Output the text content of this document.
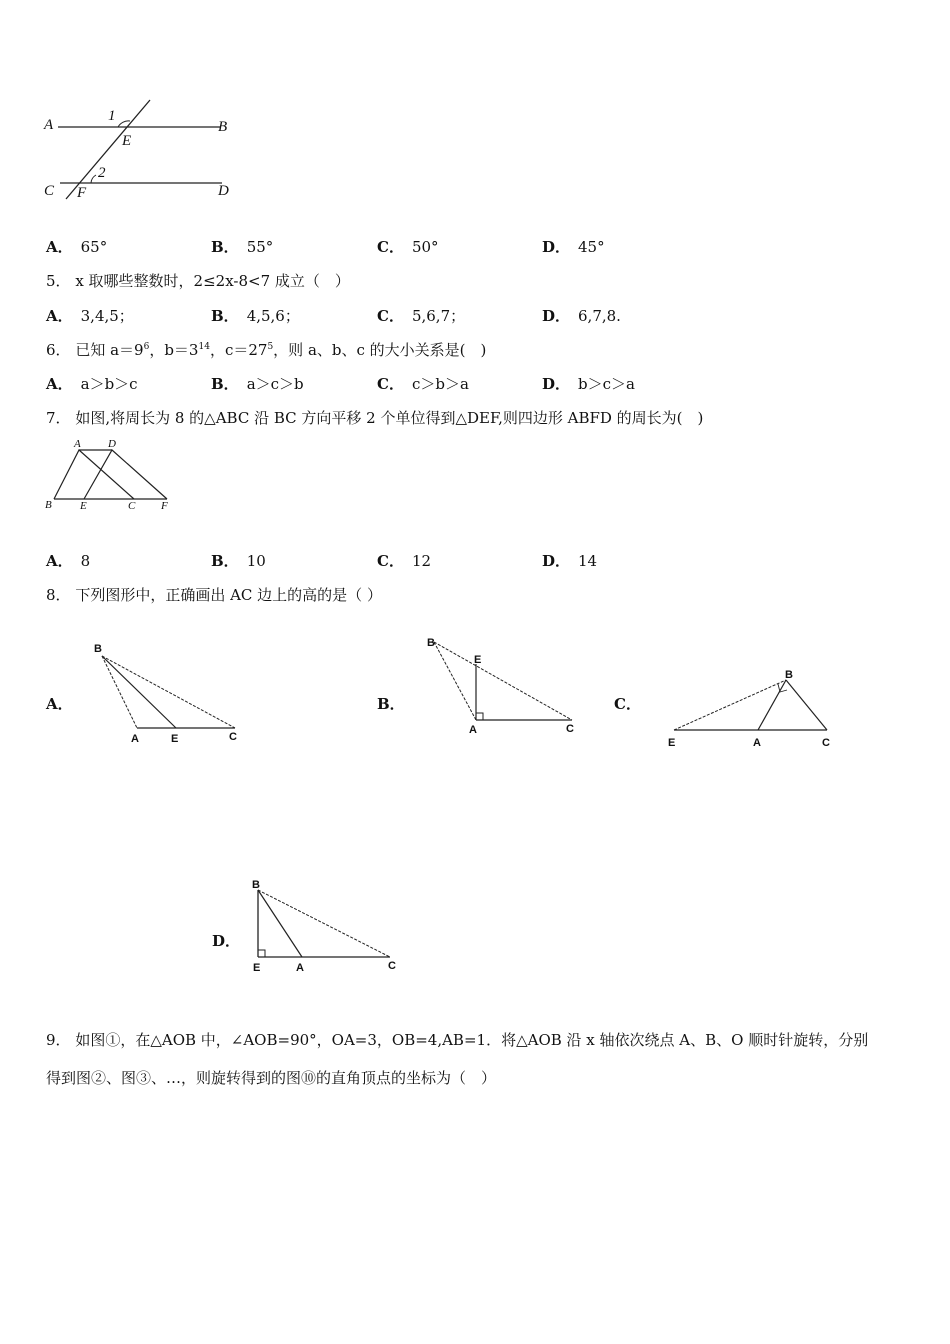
A	B
C	D
E
F
1
2
A． 65°	B． 55°	C． 50°	D． 45°
5． x 取哪些整数时，2≤2x-8<7 成立（　）
A． 3,4,5；	B． 4,5,6；	C． 5,6,7；	D． 6,7,8.
6． 已知 $a=9^6$，$b=3^{14}$，$c=27^5$，则 a、b、c 的大小关系是(　)
A． a＞b＞c	B． a＞c＞b	C． c＞b＞a	D． b＞c＞a
7． 如图,将周长为 8 的△ABC 沿 BC 方向平移 2 个单位得到△DEF,则四边形 ABFD 的周长为(　)
A D
B	E	C F
A． 8	B． 10	C． 12	D． 14
8． 下列图形中，正确画出 AC 边上的高的是（ ）
A．
B
A	E	C
B．
B
E
A	C
C．
B
E	A	C
D．
B
E	A	C
9． 如图①，在△AOB 中，∠AOB=90°，OA=3，OB=4,AB=1．将△AOB 沿 x 轴依次绕点 A、B、O 顺时针旋转，分别
得到图②、图③、…，则旋转得到的图⑩的直角顶点的坐标为（　）
